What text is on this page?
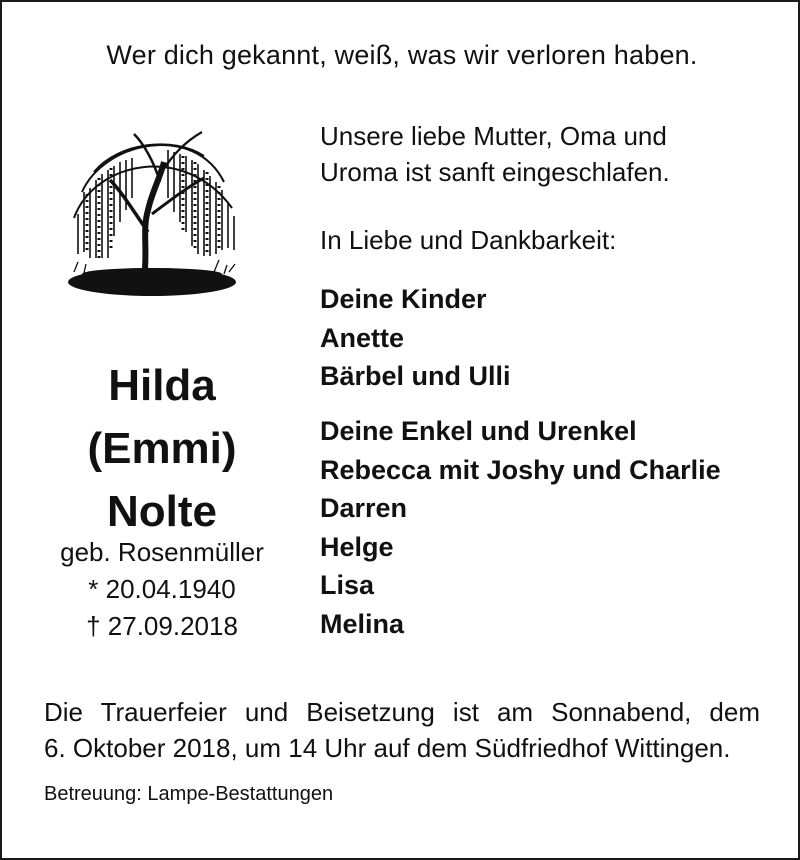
Wer dich gekannt, weiß, was wir verloren haben.
Unsere liebe Mutter, Oma und
Uroma ist sanft eingeschlafen.
In Liebe und Dankbarkeit:
Deine Kinder
Anette
Bärbel und Ulli
Deine Enkel und Urenkel
Rebecca mit Joshy und Charlie
Darren
Helge
Lisa
Melina
Hilda
(Emmi)
Nolte
geb. Rosenmüller
* 20.04.1940
† 27.09.2018
Die Trauerfeier und Beisetzung ist am Sonnabend, dem
6. Oktober 2018, um 14 Uhr auf dem Südfriedhof Wittingen.
Betreuung: Lampe-Bestattungen
